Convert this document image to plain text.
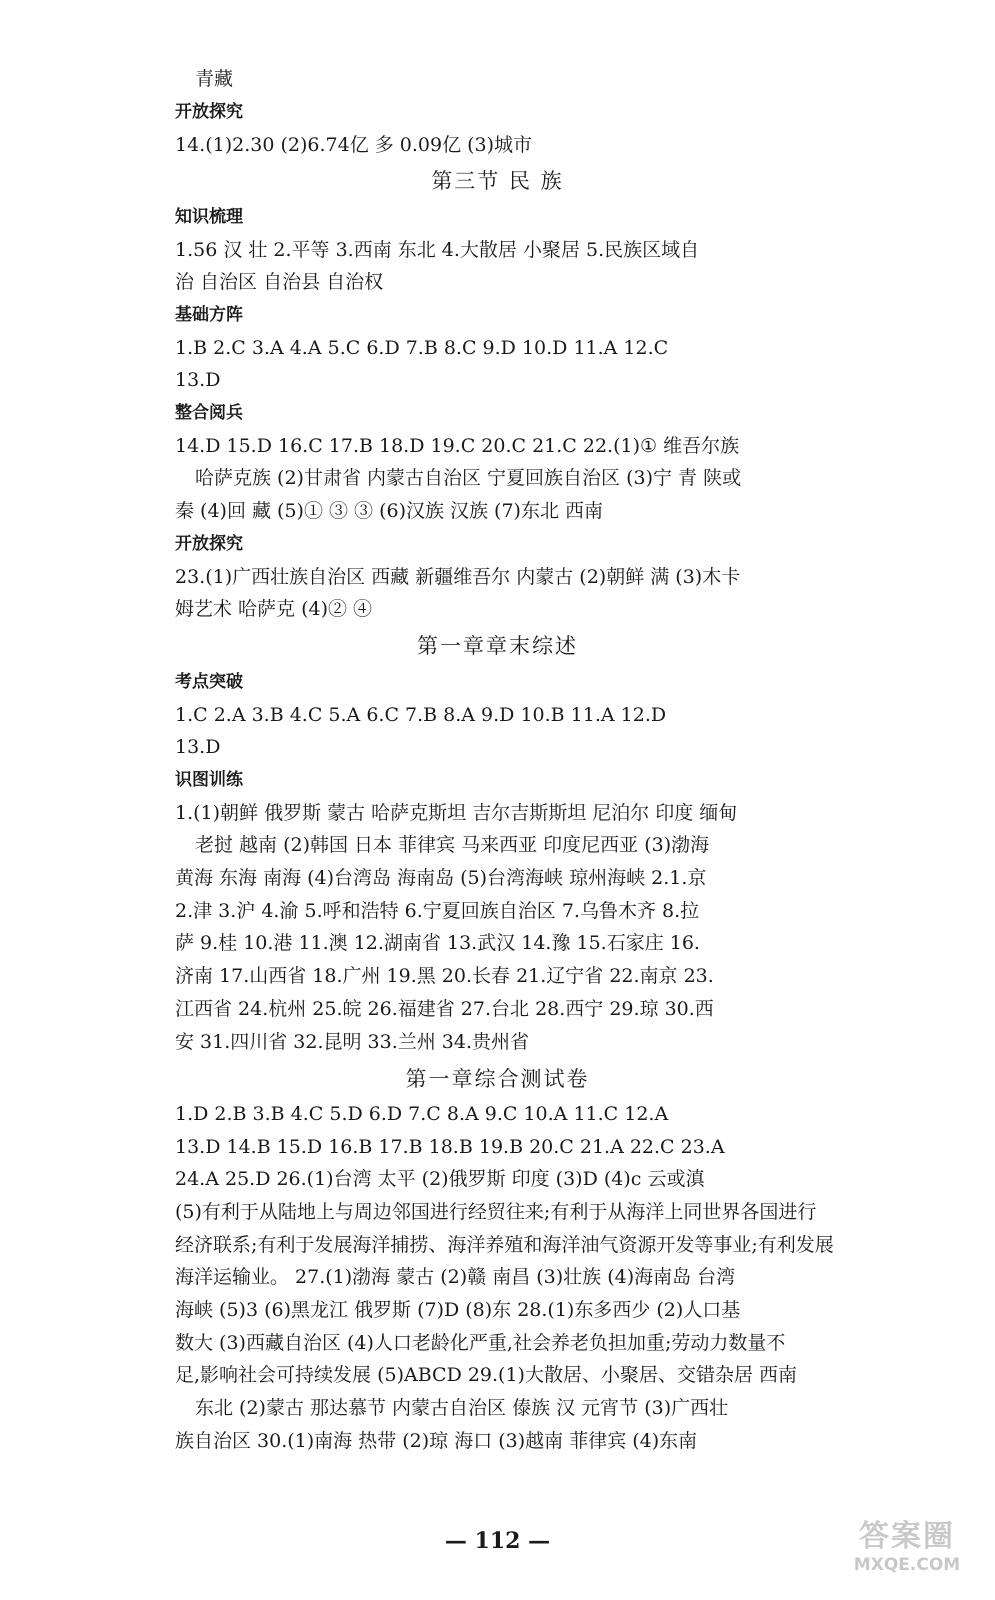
青藏
开放探究
14.(1)2.30 (2)6.74亿 多 0.09亿 (3)城市
第三节 民 族
知识梳理
1.56 汉 壮 2.平等 3.西南 东北 4.大散居 小聚居 5.民族区域自
治 自治区 自治县 自治权
基础方阵
1.B 2.C 3.A 4.A 5.C 6.D 7.B 8.C 9.D 10.D 11.A 12.C
13.D
整合阅兵
14.D 15.D 16.C 17.B 18.D 19.C 20.C 21.C 22.(1)① 维吾尔族
哈萨克族 (2)甘肃省 内蒙古自治区 宁夏回族自治区 (3)宁 青 陕或
秦 (4)回 藏 (5)① ③ ③ (6)汉族 汉族 (7)东北 西南
开放探究
23.(1)广西壮族自治区 西藏 新疆维吾尔 内蒙古 (2)朝鲜 满 (3)木卡
姆艺术 哈萨克 (4)② ④
第一章章末综述
考点突破
1.C 2.A 3.B 4.C 5.A 6.C 7.B 8.A 9.D 10.B 11.A 12.D
13.D
识图训练
1.(1)朝鲜 俄罗斯 蒙古 哈萨克斯坦 吉尔吉斯斯坦 尼泊尔 印度 缅甸
老挝 越南 (2)韩国 日本 菲律宾 马来西亚 印度尼西亚 (3)渤海
黄海 东海 南海 (4)台湾岛 海南岛 (5)台湾海峡 琼州海峡 2.1.京
2.津 3.沪 4.渝 5.呼和浩特 6.宁夏回族自治区 7.乌鲁木齐 8.拉
萨 9.桂 10.港 11.澳 12.湖南省 13.武汉 14.豫 15.石家庄 16.
济南 17.山西省 18.广州 19.黑 20.长春 21.辽宁省 22.南京 23.
江西省 24.杭州 25.皖 26.福建省 27.台北 28.西宁 29.琼 30.西
安 31.四川省 32.昆明 33.兰州 34.贵州省
第一章综合测试卷
1.D 2.B 3.B 4.C 5.D 6.D 7.C 8.A 9.C 10.A 11.C 12.A
13.D 14.B 15.D 16.B 17.B 18.B 19.B 20.C 21.A 22.C 23.A
24.A 25.D 26.(1)台湾 太平 (2)俄罗斯 印度 (3)D (4)c 云或滇
(5)有利于从陆地上与周边邻国进行经贸往来;有利于从海洋上同世界各国进行
经济联系;有利于发展海洋捕捞、海洋养殖和海洋油气资源开发等事业;有利发展
海洋运输业。 27.(1)渤海 蒙古 (2)赣 南昌 (3)壮族 (4)海南岛 台湾
海峡 (5)3 (6)黑龙江 俄罗斯 (7)D (8)东 28.(1)东多西少 (2)人口基
数大 (3)西藏自治区 (4)人口老龄化严重,社会养老负担加重;劳动力数量不
足,影响社会可持续发展 (5)ABCD 29.(1)大散居、小聚居、交错杂居 西南
东北 (2)蒙古 那达慕节 内蒙古自治区 傣族 汉 元宵节 (3)广西壮
族自治区 30.(1)南海 热带 (2)琼 海口 (3)越南 菲律宾 (4)东南
— 112 —	答案圈
MXQE.COM
